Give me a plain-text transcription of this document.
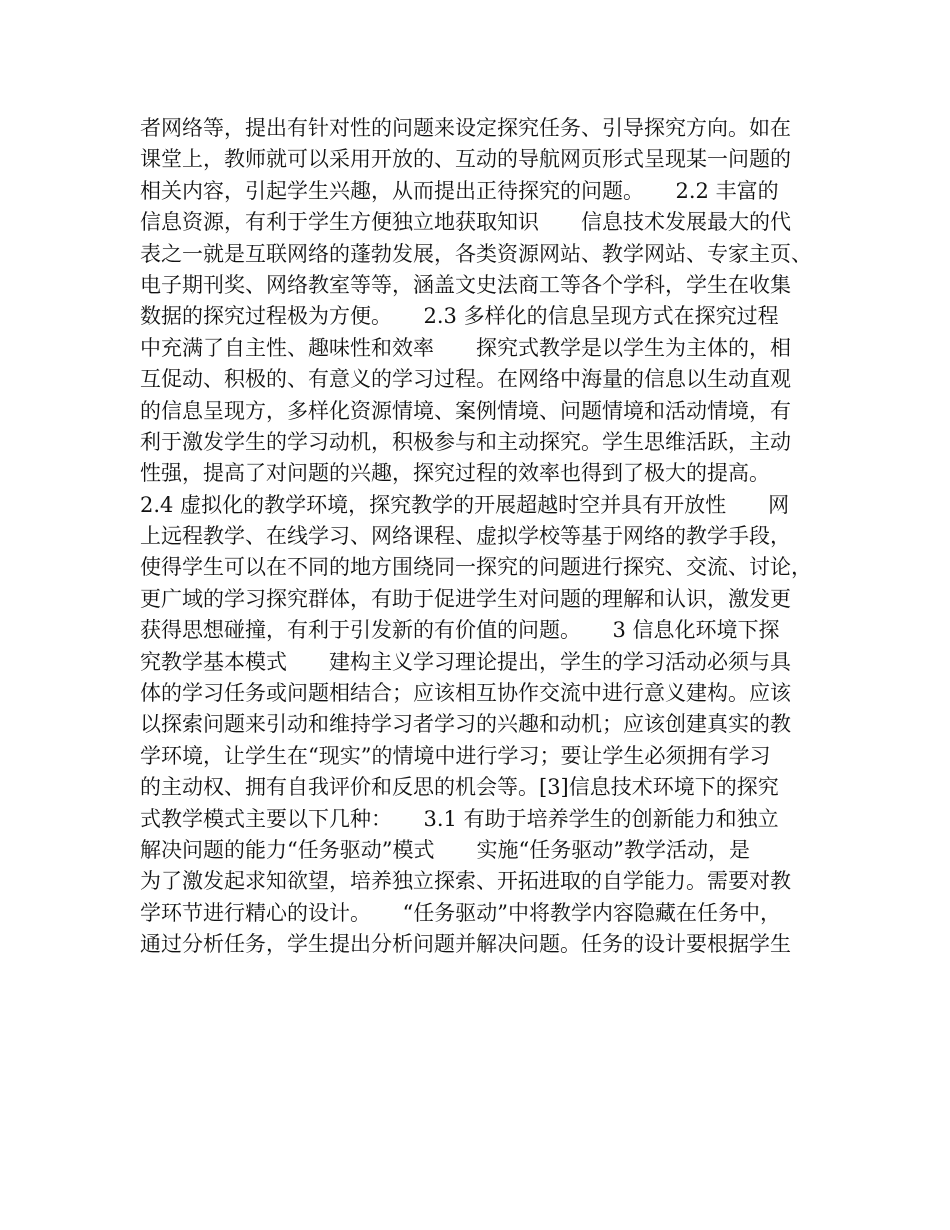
者网络等，提出有针对性的问题来设定探究任务、引导探究方向。如在
课堂上，教师就可以采用开放的、互动的导航网页形式呈现某一问题的
相关内容，引起学生兴趣，从而提出正待探究的问题。　　2.2 丰富的
信息资源，有利于学生方便独立地获取知识　　信息技术发展最大的代
表之一就是互联网络的蓬勃发展，各类资源网站、教学网站、专家主页、
电子期刊奖、网络教室等等，涵盖文史法商工等各个学科，学生在收集
数据的探究过程极为方便。　　2.3 多样化的信息呈现方式在探究过程
中充满了自主性、趣味性和效率　　探究式教学是以学生为主体的，相
互促动、积极的、有意义的学习过程。在网络中海量的信息以生动直观
的信息呈现方，多样化资源情境、案例情境、问题情境和活动情境，有
利于激发学生的学习动机，积极参与和主动探究。学生思维活跃，主动
性强，提高了对问题的兴趣，探究过程的效率也得到了极大的提高。
2.4 虚拟化的教学环境，探究教学的开展超越时空并具有开放性　　网
上远程教学、在线学习、网络课程、虚拟学校等基于网络的教学手段，
使得学生可以在不同的地方围绕同一探究的问题进行探究、交流、讨论，
更广域的学习探究群体，有助于促进学生对问题的理解和认识，激发更
获得思想碰撞，有利于引发新的有价值的问题。　　3 信息化环境下探
究教学基本模式　　建构主义学习理论提出，学生的学习活动必须与具
体的学习任务或问题相结合；应该相互协作交流中进行意义建构。应该
以探索问题来引动和维持学习者学习的兴趣和动机；应该创建真实的教
学环境，让学生在“现实”的情境中进行学习；要让学生必须拥有学习
的主动权、拥有自我评价和反思的机会等。[3]信息技术环境下的探究
式教学模式主要以下几种：　　3.1 有助于培养学生的创新能力和独立
解决问题的能力“任务驱动”模式　　实施“任务驱动”教学活动，是
为了激发起求知欲望，培养独立探索、开拓进取的自学能力。需要对教
学环节进行精心的设计。　　“任务驱动”中将教学内容隐藏在任务中，
通过分析任务，学生提出分析问题并解决问题。任务的设计要根据学生
